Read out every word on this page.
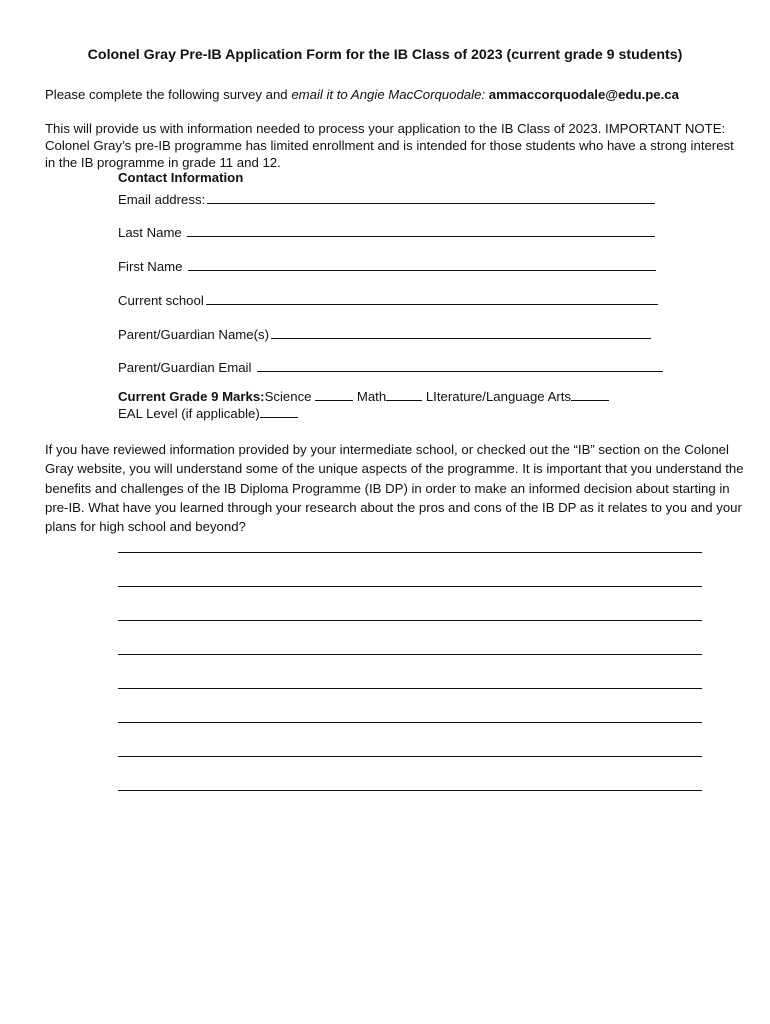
Colonel Gray Pre-IB Application Form for the IB Class of 2023 (current grade 9 students)
Please complete the following survey and email it to Angie MacCorquodale: ammaccorquodale@edu.pe.ca
This will provide us with information needed to process your application to the IB Class of 2023. IMPORTANT NOTE: Colonel Gray’s pre-IB programme has limited enrollment and is intended for those students who have a strong interest in the IB programme in grade 11 and 12.
Contact Information
Email address:
Last Name
First Name
Current school
Parent/Guardian Name(s)
Parent/Guardian Email
Current Grade 9 Marks:Science	Math	LIterature/Language Arts
EAL Level (if applicable)
If you have reviewed information provided by your intermediate school, or checked out the “IB” section on the Colonel Gray website, you will understand some of the unique aspects of the programme. It is important that you understand the benefits and challenges of the IB Diploma Programme (IB DP) in order to make an informed decision about starting in pre-IB. What have you learned through your research about the pros and cons of the IB DP as it relates to you and your plans for high school and beyond?
